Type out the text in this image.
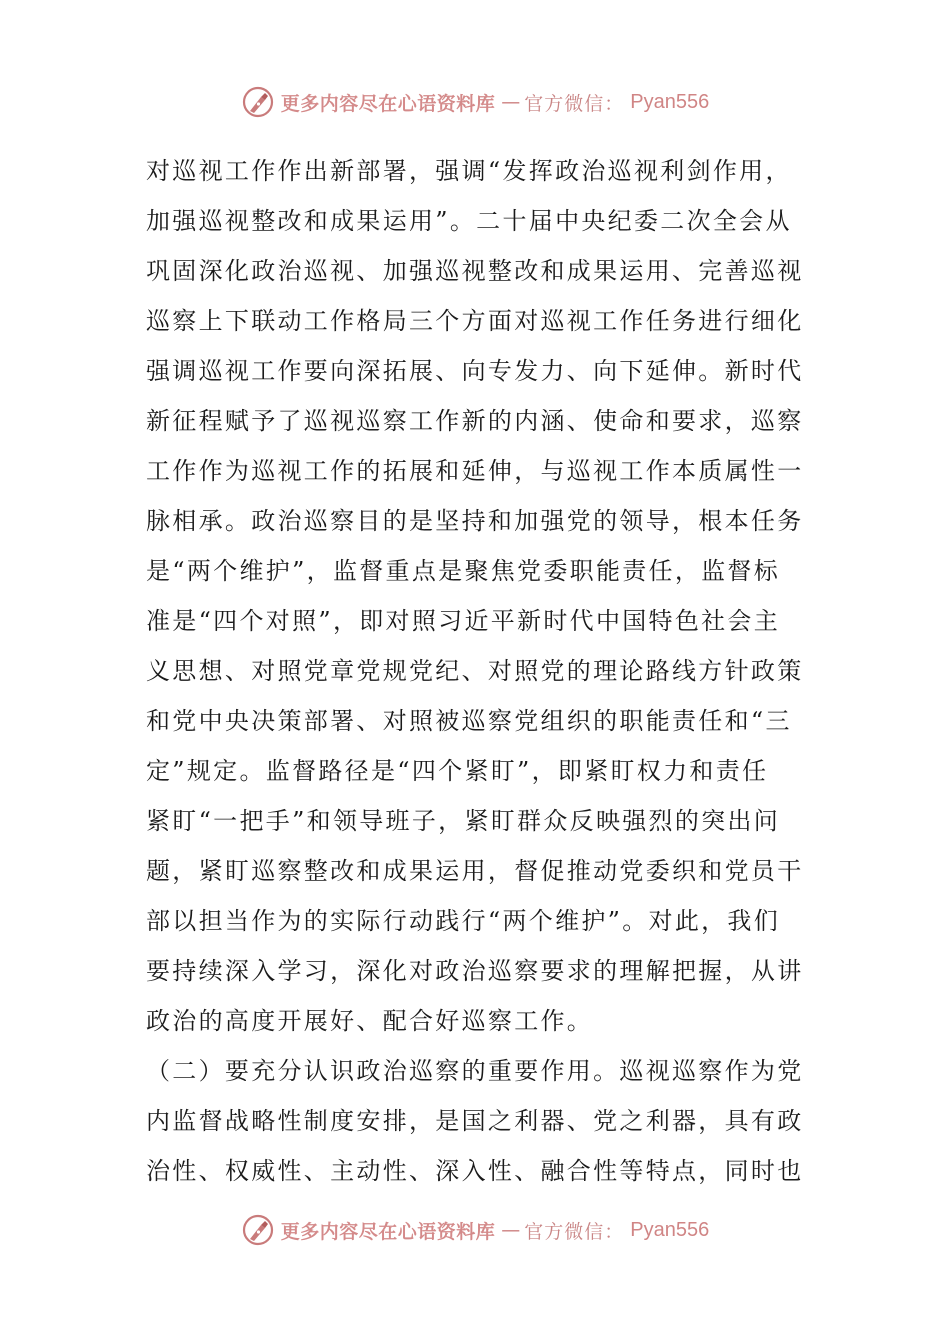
更多内容尽在心语资料库 — 官方微信： Pyan556
对巡视工作作出新部署，强调“发挥政治巡视利剑作用，
加强巡视整改和成果运用”。二十届中央纪委二次全会从
巩固深化政治巡视、加强巡视整改和成果运用、完善巡视
巡察上下联动工作格局三个方面对巡视工作任务进行细化
强调巡视工作要向深拓展、向专发力、向下延伸。新时代
新征程赋予了巡视巡察工作新的内涵、使命和要求，巡察
工作作为巡视工作的拓展和延伸，与巡视工作本质属性一
脉相承。政治巡察目的是坚持和加强党的领导，根本任务
是“两个维护”，监督重点是聚焦党委职能责任，监督标
准是“四个对照”，即对照习近平新时代中国特色社会主
义思想、对照党章党规党纪、对照党的理论路线方针政策
和党中央决策部署、对照被巡察党组织的职能责任和“三
定”规定。监督路径是“四个紧盯”，即紧盯权力和责任
紧盯“一把手”和领导班子，紧盯群众反映强烈的突出问
题，紧盯巡察整改和成果运用，督促推动党委织和党员干
部以担当作为的实际行动践行“两个维护”。对此，我们
要持续深入学习，深化对政治巡察要求的理解把握，从讲
政治的高度开展好、配合好巡察工作。
（二）要充分认识政治巡察的重要作用。巡视巡察作为党
内监督战略性制度安排，是国之利器、党之利器，具有政
治性、权威性、主动性、深入性、融合性等特点，同时也
更多内容尽在心语资料库 — 官方微信： Pyan556
